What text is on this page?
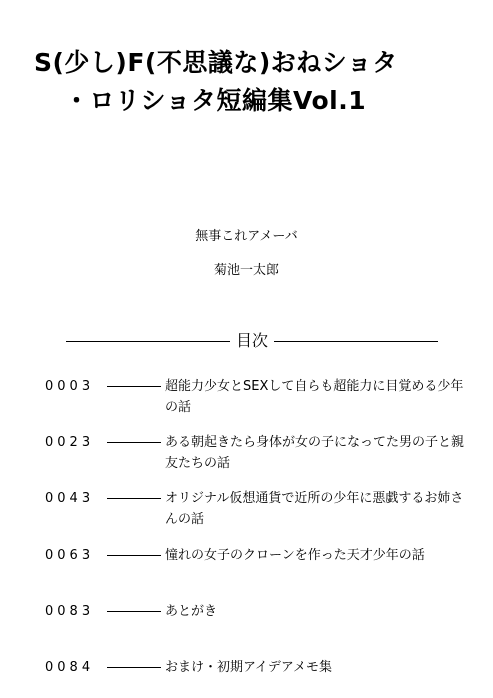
S(少し)F(不思議な)おねショタ
・ロリショタ短編集Vol.1
無事これアメーバ
菊池一太郎
目次
0003	超能力少女とSEXして自らも超能力に目覚める少年の話
0023	ある朝起きたら身体が女の子になってた男の子と親友たちの話
0043	オリジナル仮想通貨で近所の少年に悪戯するお姉さんの話
0063	憧れの女子のクローンを作った天才少年の話
0083	あとがき
0084	おまけ・初期アイデアメモ集
